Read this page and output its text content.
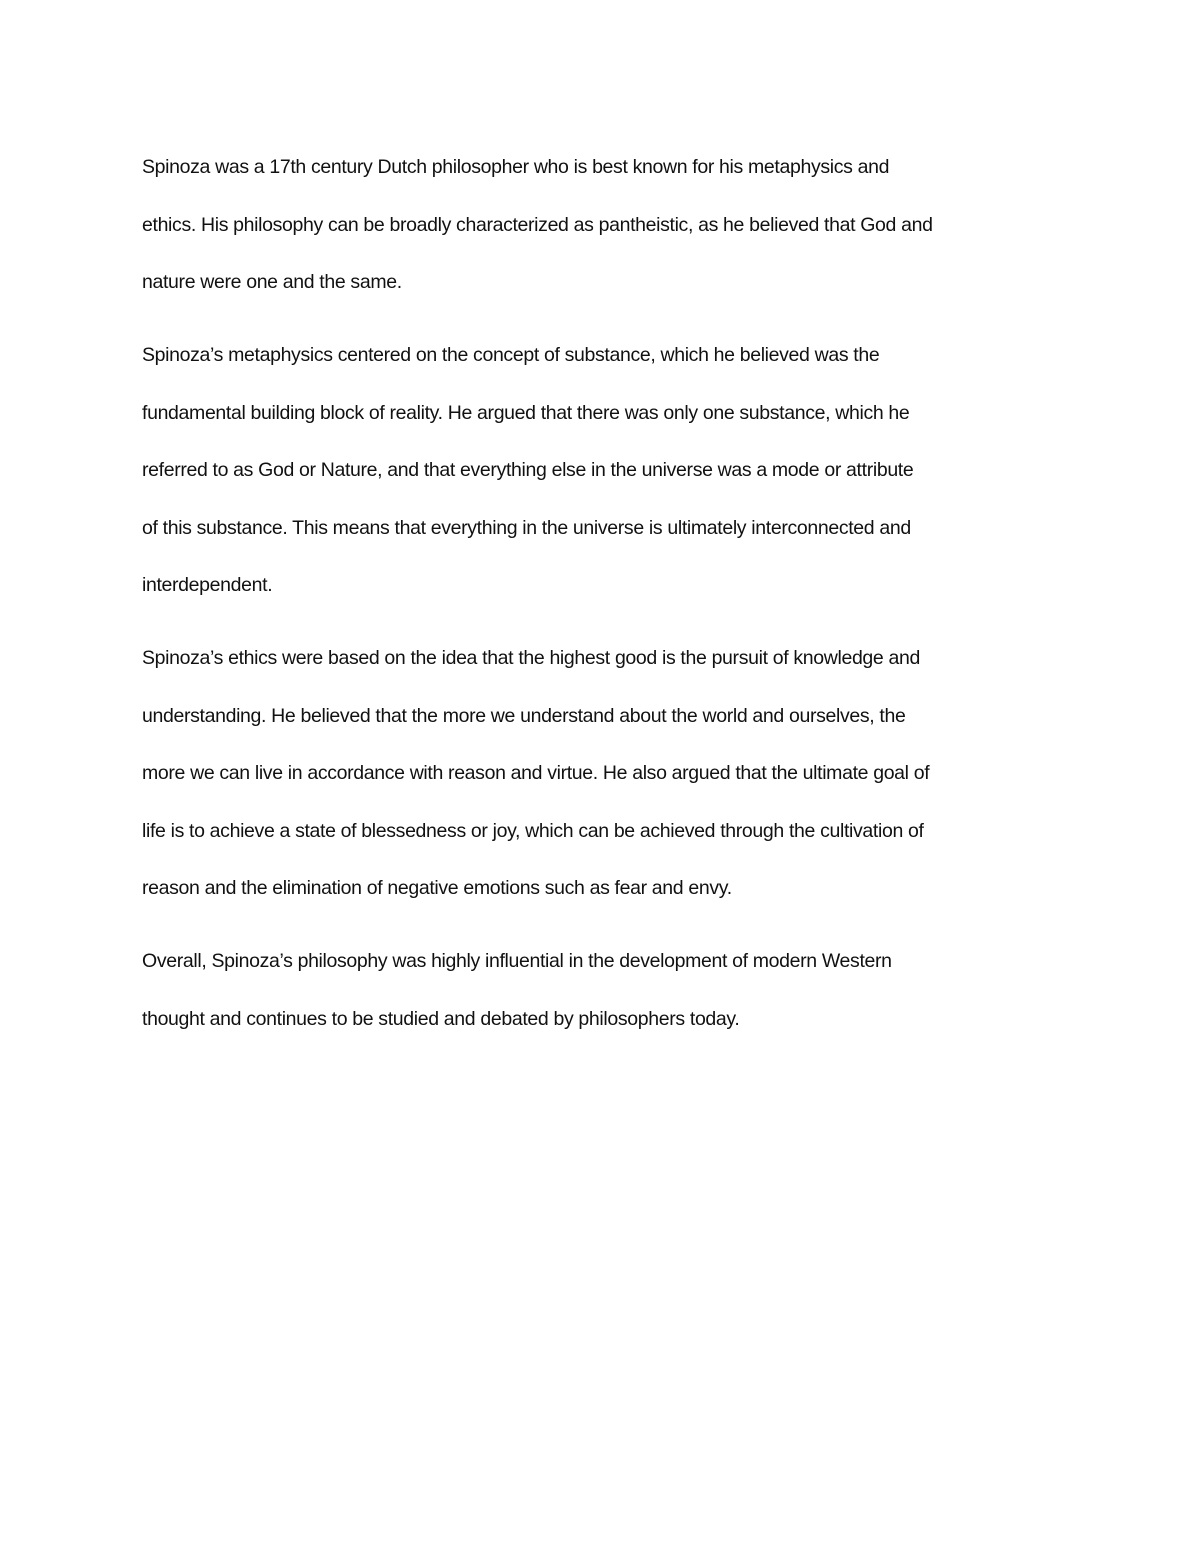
Spinoza was a 17th century Dutch philosopher who is best known for his metaphysics and
ethics. His philosophy can be broadly characterized as pantheistic, as he believed that God and
nature were one and the same.

Spinoza’s metaphysics centered on the concept of substance, which he believed was the
fundamental building block of reality. He argued that there was only one substance, which he
referred to as God or Nature, and that everything else in the universe was a mode or attribute
of this substance. This means that everything in the universe is ultimately interconnected and
interdependent.

Spinoza’s ethics were based on the idea that the highest good is the pursuit of knowledge and
understanding. He believed that the more we understand about the world and ourselves, the
more we can live in accordance with reason and virtue. He also argued that the ultimate goal of
life is to achieve a state of blessedness or joy, which can be achieved through the cultivation of
reason and the elimination of negative emotions such as fear and envy.

Overall, Spinoza’s philosophy was highly influential in the development of modern Western
thought and continues to be studied and debated by philosophers today.
